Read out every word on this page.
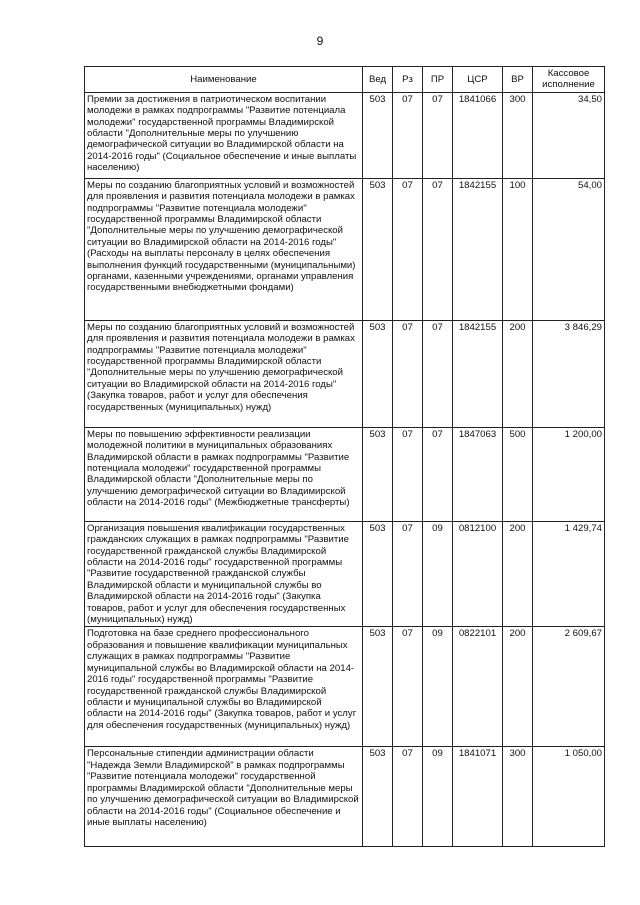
9
Наименование	Вед	Рз	ПР	ЦСР	ВР	Кассовое исполнение
Премии за достижения в патриотическом воспитании молодежи в рамках подпрограммы "Развитие потенциала молодежи" государственной программы Владимирской области "Дополнительные меры по улучшению демографической ситуации во Владимирской области на 2014-2016 годы" (Социальное обеспечение и иные выплаты населению)	503	07	07	1841066	300	34,50
Меры по созданию благоприятных условий и возможностей для проявления и развития потенциала молодежи в рамках подпрограммы "Развитие потенциала молодежи" государственной программы Владимирской области "Дополнительные меры по улучшению демографической ситуации во Владимирской области на 2014-2016 годы" (Расходы на выплаты персоналу в целях обеспечения выполнения функций государственными (муниципальными) органами, казенными учреждениями, органами управления государственными внебюджетными фондами)	503	07	07	1842155	100	54,00
Меры по созданию благоприятных условий и возможностей для проявления и развития потенциала молодежи в рамках подпрограммы "Развитие потенциала молодежи" государственной программы Владимирской области "Дополнительные меры по улучшению демографической ситуации во Владимирской области на 2014-2016 годы" (Закупка товаров, работ и услуг для обеспечения государственных (муниципальных) нужд)	503	07	07	1842155	200	3 846,29
Меры по повышению эффективности реализации молодежной политики в муниципальных образованиях Владимирской области в рамках подпрограммы "Развитие потенциала молодежи" государственной программы Владимирской области "Дополнительные меры по улучшению демографической ситуации во Владимирской области на 2014-2016 годы" (Межбюджетные трансферты)	503	07	07	1847063	500	1 200,00
Организация повышения квалификации государственных гражданских служащих в рамках подпрограммы "Развитие государственной гражданской службы Владимирской области на 2014-2016 годы" государственной программы "Развитие государственной гражданской службы Владимирской области и муниципальной службы во Владимирской области на 2014-2016 годы" (Закупка товаров, работ и услуг для обеспечения государственных (муниципальных) нужд)	503	07	09	0812100	200	1 429,74
Подготовка на базе среднего профессионального образования и повышение квалификации муниципальных служащих в рамках подпрограммы "Развитие муниципальной службы во Владимирской области на 2014-2016 годы" государственной программы "Развитие государственной гражданской службы Владимирской области и муниципальной службы во Владимирской области на 2014-2016 годы" (Закупка товаров, работ и услуг для обеспечения государственных (муниципальных) нужд)	503	07	09	0822101	200	2 609,67
Персональные стипендии администрации области "Надежда Земли Владимирской" в рамках подпрограммы "Развитие потенциала молодежи" государственной программы Владимирской области "Дополнительные меры по улучшению демографической ситуации во Владимирской области на 2014-2016 годы" (Социальное обеспечение и иные выплаты населению)	503	07	09	1841071	300	1 050,00
